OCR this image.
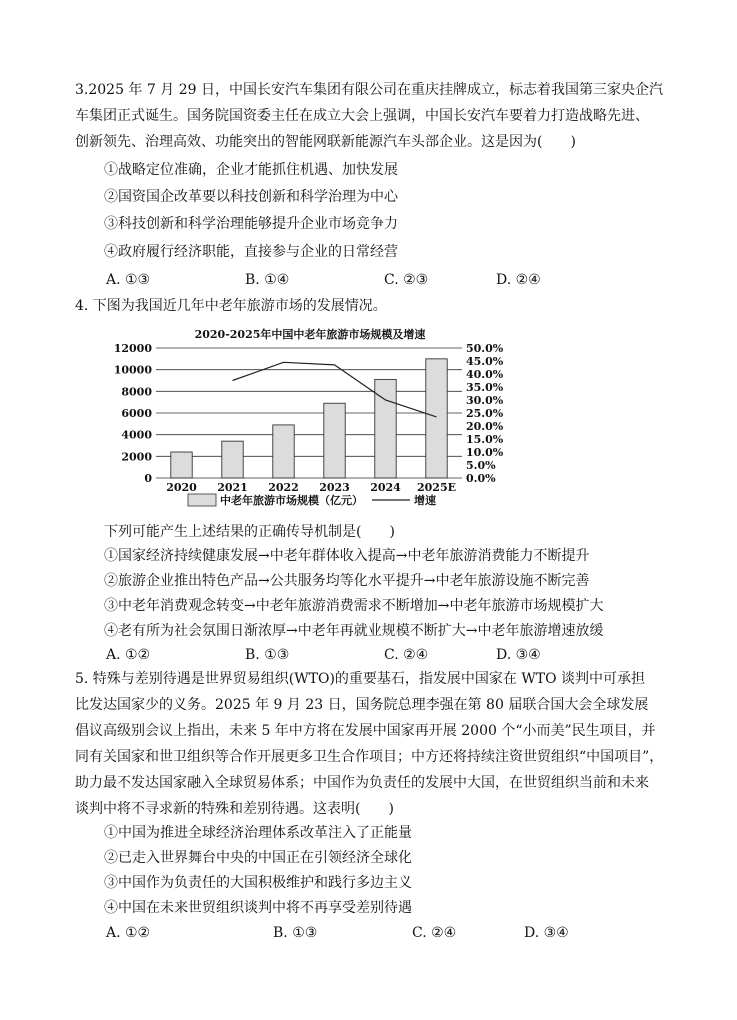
3.2025 年 7 月 29 日，中国长安汽车集团有限公司在重庆挂牌成立，标志着我国第三家央企汽
车集团正式诞生。国务院国资委主任在成立大会上强调，中国长安汽车要着力打造战略先进、
创新领先、治理高效、功能突出的智能网联新能源汽车头部企业。这是因为(　　)
①战略定位准确，企业才能抓住机遇、加快发展
②国资国企改革要以科技创新和科学治理为中心
③科技创新和科学治理能够提升企业市场竞争力
④政府履行经济职能，直接参与企业的日常经营
A. ①③	B. ①④	C. ②③	D. ②④
4. 下图为我国近几年中老年旅游市场的发展情况。
2020-2025年中国中老年旅游市场规模及增速
12000
10000
8000
6000
4000
2000
0
50.0%
45.0%
40.0%
35.0%
30.0%
25.0%
20.0%
15.0%
10.0%
5.0%
0.0%
2020 2021 2022 2023 2024 2025E
中老年旅游市场规模（亿元）	增速
下列可能产生上述结果的正确传导机制是(　　)
①国家经济持续健康发展→中老年群体收入提高→中老年旅游消费能力不断提升
②旅游企业推出特色产品→公共服务均等化水平提升→中老年旅游设施不断完善
③中老年消费观念转变→中老年旅游消费需求不断增加→中老年旅游市场规模扩大
④老有所为社会氛围日渐浓厚→中老年再就业规模不断扩大→中老年旅游增速放缓
A. ①②	B. ①③	C. ②④	D. ③④
5. 特殊与差别待遇是世界贸易组织(WTO)的重要基石，指发展中国家在 WTO 谈判中可承担
比发达国家少的义务。2025 年 9 月 23 日，国务院总理李强在第 80 届联合国大会全球发展
倡议高级别会议上指出，未来 5 年中方将在发展中国家再开展 2000 个“小而美”民生项目，并
同有关国家和世卫组织等合作开展更多卫生合作项目；中方还将持续注资世贸组织“中国项目”，
助力最不发达国家融入全球贸易体系；中国作为负责任的发展中大国，在世贸组织当前和未来
谈判中将不寻求新的特殊和差别待遇。这表明(　　)
①中国为推进全球经济治理体系改革注入了正能量
②已走入世界舞台中央的中国正在引领经济全球化
③中国作为负责任的大国积极维护和践行多边主义
④中国在未来世贸组织谈判中将不再享受差别待遇
A. ①②	B. ①③	C. ②④	D. ③④
